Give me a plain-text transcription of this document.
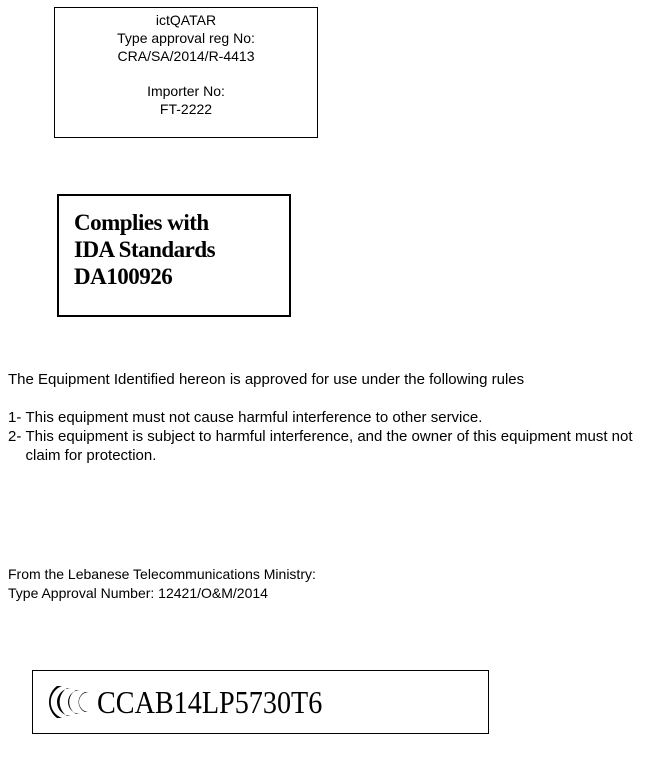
ictQATAR
Type approval reg No:
CRA/SA/2014/R-4413
Importer No:
FT-2222
Complies with
IDA Standards
DA100926

The Equipment Identified hereon is approved for use under the following rules

1- This equipment must not cause harmful interference to other service.
2- This equipment is subject to harmful interference, and the owner of this equipment must not claim for protection.
From the Lebanese Telecommunications Ministry:
Type Approval Number: 12421/O&M/2014
CCAB14LP5730T6
